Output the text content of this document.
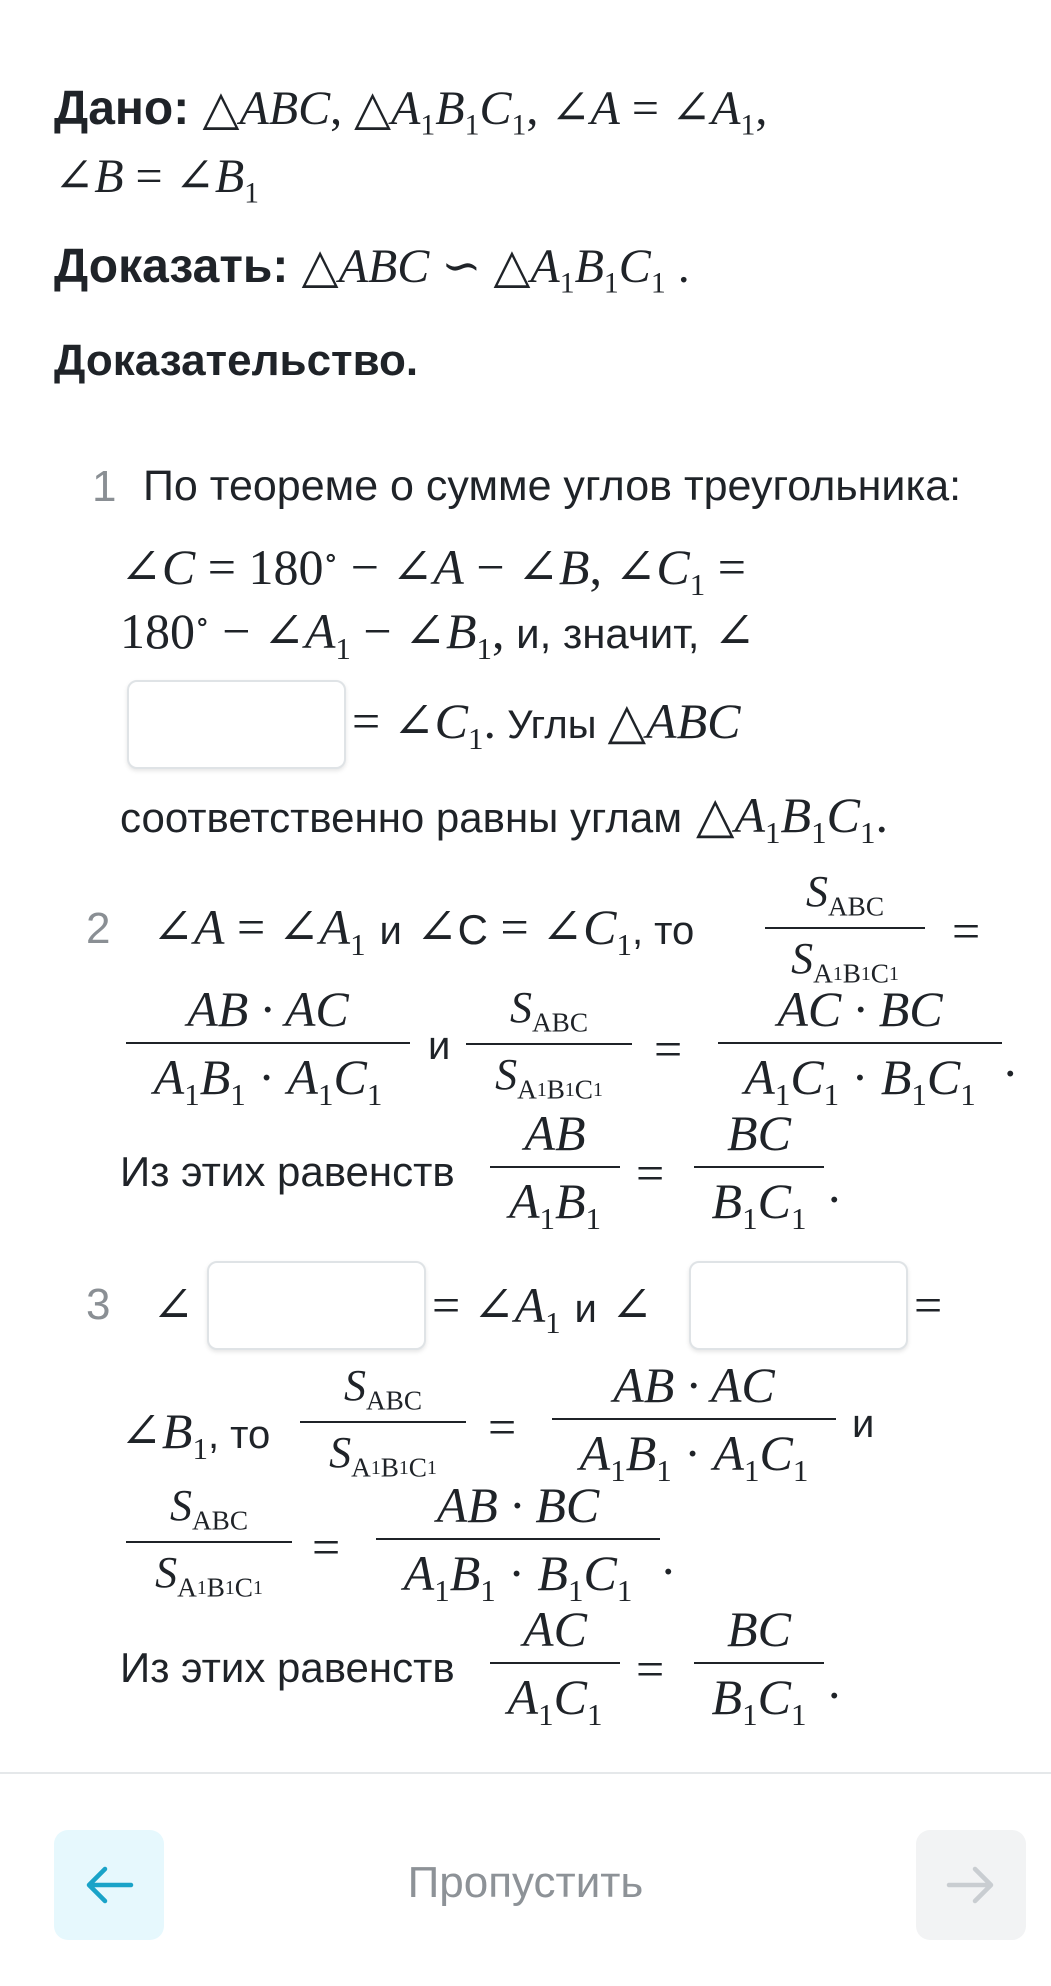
Дано: △ABC, $\triangle A_1B_1C_1$, ∠A = $\angle A_1$,
∠B = $\angle B_1$
Доказать: △ABC ∽ $\triangle A_1B_1C_1$ .
Доказательство.
1 По теореме о сумме углов треугольника:
∠C = 180∘ − ∠A − ∠B, $\angle C_1$ =
$180^\circ - \angle A_1$ − $\angle B_1$, и, значит, ∠
= $\angle C_1$. Углы △ABC
соответственно равны углам $\triangle A_1B_1C_1$.
2 ∠A = $\angle A_1$ и ∠C = $\angle C_1$, то
$S_{ABC}$
$S_{A1B1C1}$
=
AB · AC
$A_1B_1 \cdot A_1C_1$
и
$S_{ABC}$
$S_{A1B1C1}$
=
AC · BC
$A_1C_1 \cdot B_1C_1$
.
Из этих равенств
AB
$A_1B_1$
=
BC
$B_1C_1$
.
3 ∠	= $\angle A_1$ и ∠	=
$\angle B_1$, то
$S_{ABC}$
$S_{A1B1C1}$
=
AB · AC
$A_1B_1 \cdot A_1C_1$
и
$S_{ABC}$
$S_{A1B1C1}$
=
AB · BC
$A_1B_1 \cdot B_1C_1$
.
Из этих равенств
AC
$A_1C_1$
=
BC
$B_1C_1$
.
Пропустить
